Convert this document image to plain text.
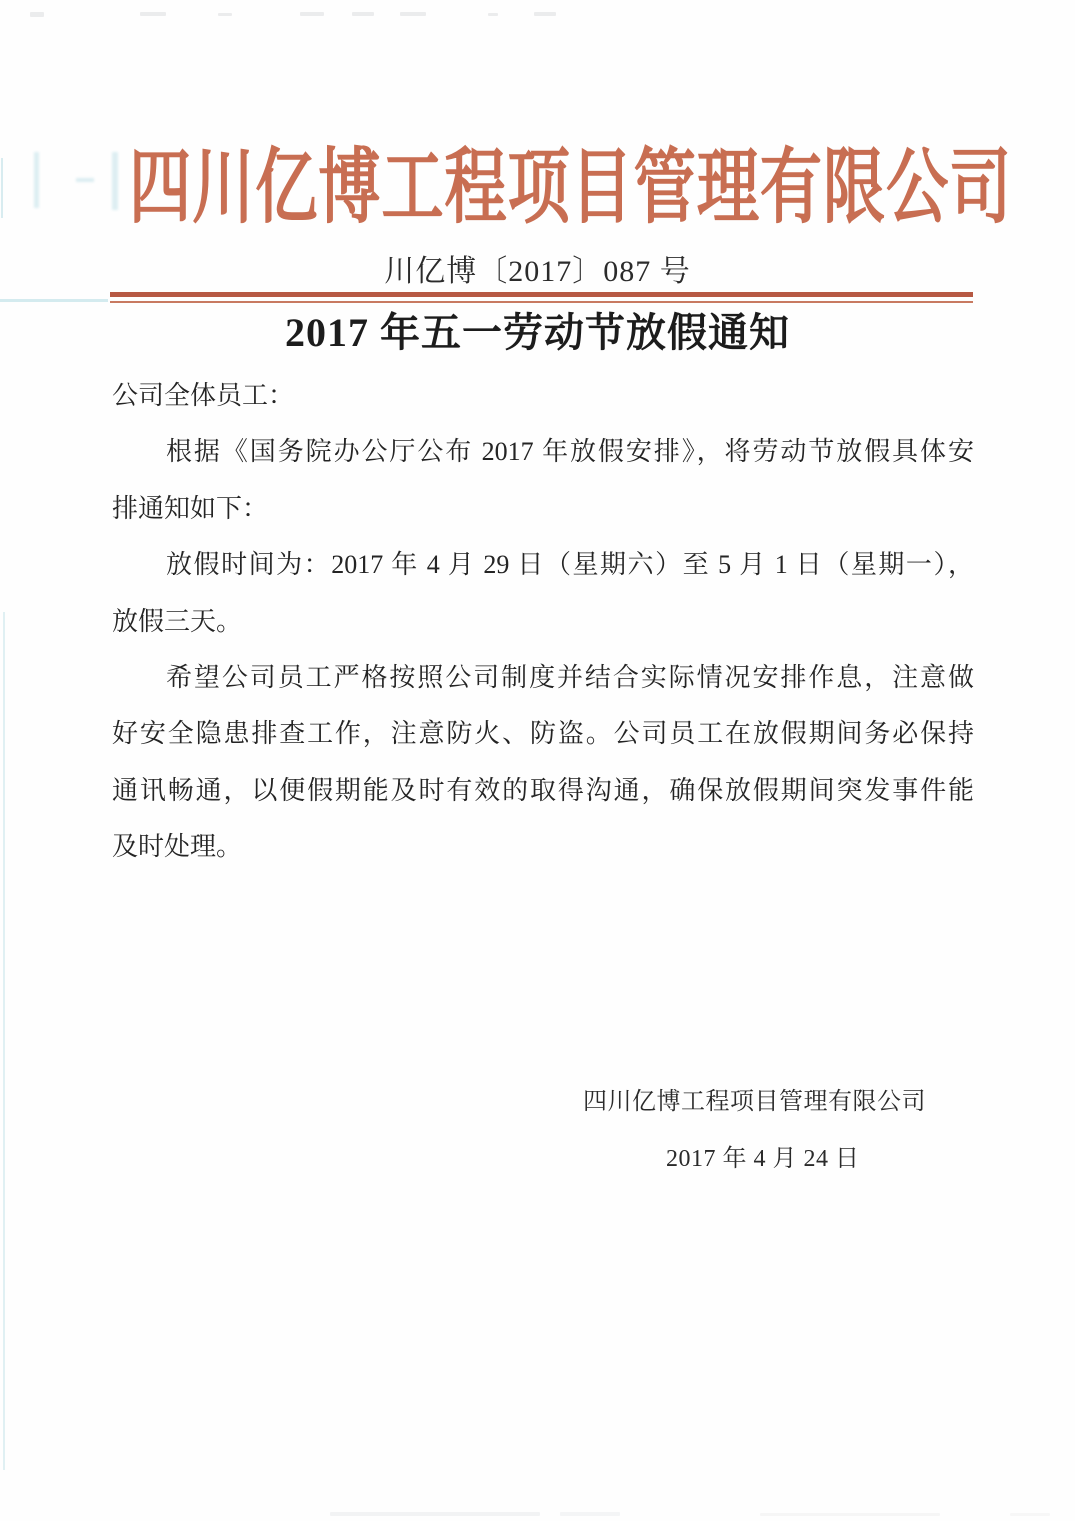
四川亿博工程项目管理有限公司
川亿博〔2017〕087 号
2017 年五一劳动节放假通知
公司全体员工：
根据《国务院办公厅公布 2017 年放假安排》，将劳动节放假具体安
排通知如下：
放假时间为：2017 年 4 月 29 日（星期六）至 5 月 1 日（星期一），
放假三天。
希望公司员工严格按照公司制度并结合实际情况安排作息，注意做
好安全隐患排查工作，注意防火、防盗。公司员工在放假期间务必保持
通讯畅通，以便假期能及时有效的取得沟通，确保放假期间突发事件能
及时处理。
四川亿博工程项目管理有限公司
2017 年 4 月 24 日
